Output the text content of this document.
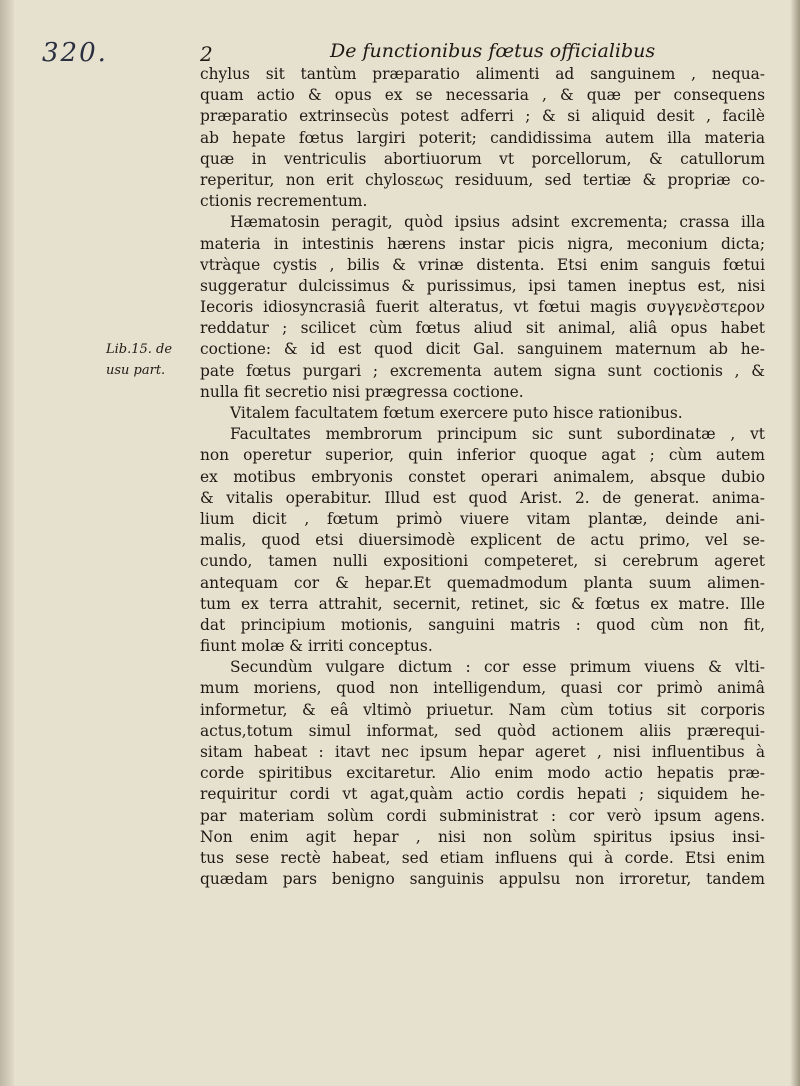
320.	2	De functionibus fœtus officialibus
Lib.15. de
usu part.
chylus sit tantùm præparatio alimenti ad sanguinem , nequa-
quam actio & opus ex se necessaria , & quæ per consequens
præparatio extrinsecùs potest adferri ; & si aliquid desit , facilè
ab hepate fœtus largiri poterit; candidissima autem illa materia
quæ in ventriculis abortiuorum vt porcellorum, & catullorum
reperitur, non erit chylosεως residuum, sed tertiæ & propriæ co-
ctionis recrementum.
Hæmatosin peragit, quòd ipsius adsint excrementa; crassa illa
materia in intestinis hærens instar picis nigra, meconium dicta;
vtràque cystis , bilis & vrinæ distenta. Etsi enim sanguis fœtui
suggeratur dulcissimus & purissimus, ipsi tamen ineptus est, nisi
Iecoris idiosyncrasiâ fuerit alteratus, vt fœtui magis συγγενὲστερον
reddatur ; scilicet cùm fœtus aliud sit animal, aliâ opus habet
coctione: & id est quod dicit Gal. sanguinem maternum ab he-
pate fœtus purgari ; excrementa autem signa sunt coctionis , &
nulla fit secretio nisi prægressa coctione.
Vitalem facultatem fœtum exercere puto hisce rationibus.
Facultates membrorum principum sic sunt subordinatæ , vt
non operetur superior, quin inferior quoque agat ; cùm autem
ex motibus embryonis constet operari animalem, absque dubio
& vitalis operabitur. Illud est quod Arist. 2. de generat. anima-
lium dicit , fœtum primò viuere vitam plantæ, deinde ani-
malis, quod etsi diuersimodè explicent de actu primo, vel se-
cundo, tamen nulli expositioni competeret, si cerebrum ageret
antequam cor & hepar.Et quemadmodum planta suum alimen-
tum ex terra attrahit, secernit, retinet, sic & fœtus ex matre. Ille
dat principium motionis, sanguini matris : quod cùm non fit,
fiunt molæ & irriti conceptus.
Secundùm vulgare dictum : cor esse primum viuens & vlti-
mum moriens, quod non intelligendum, quasi cor primò animâ
informetur, & eâ vltimò priuetur. Nam cùm totius sit corporis
actus,totum simul informat, sed quòd actionem aliis prærequi-
sitam habeat : itavt nec ipsum hepar ageret , nisi influentibus à
corde spiritibus excitaretur. Alio enim modo actio hepatis præ-
requiritur cordi vt agat,quàm actio cordis hepati ; siquidem he-
par materiam solùm cordi subministrat : cor verò ipsum agens.
Non enim agit hepar , nisi non solùm spiritus ipsius insi-
tus sese rectè habeat, sed etiam influens qui à corde. Etsi enim
quædam pars benigno sanguinis appulsu non irroretur, tandem
